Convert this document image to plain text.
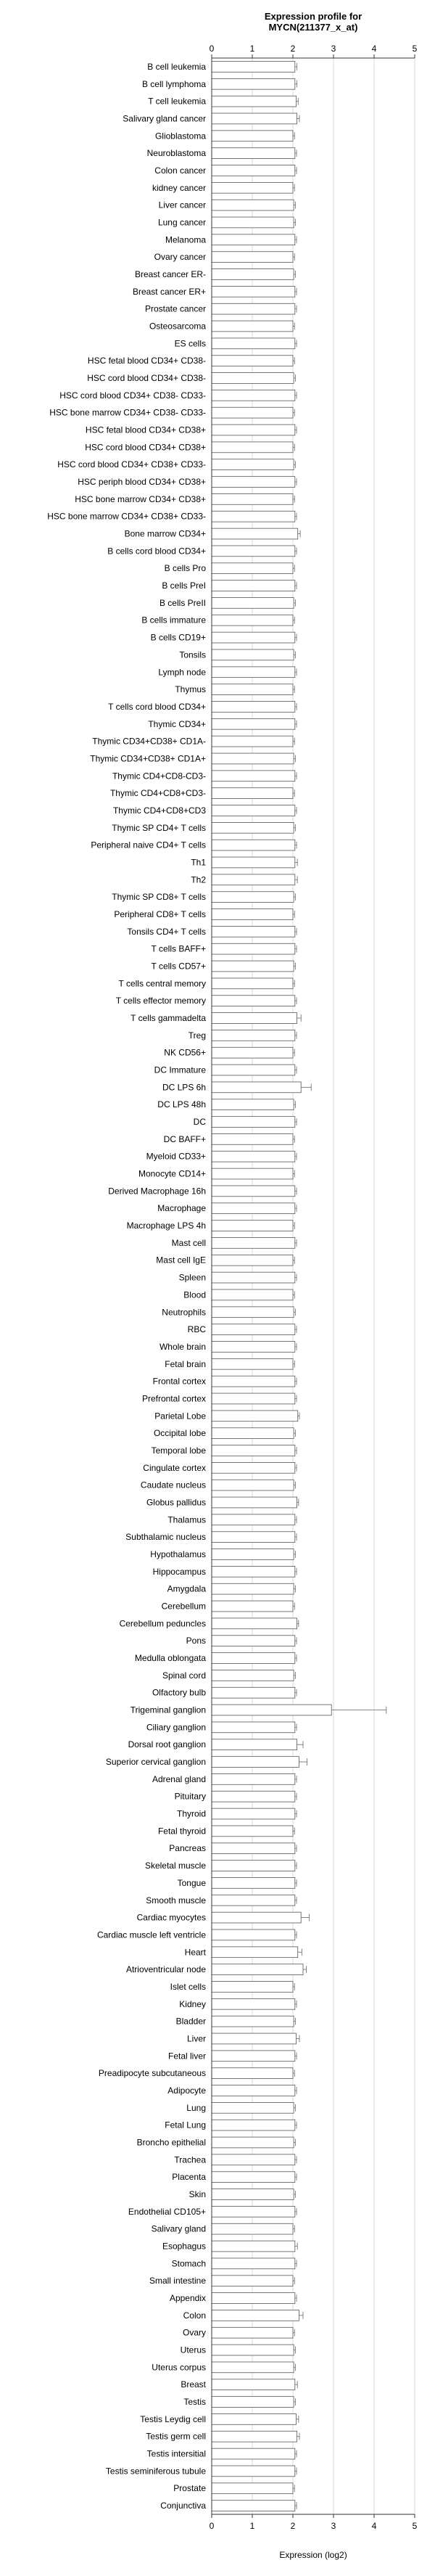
Expression profile for
MYCN(211377_x_at)
B cell leukemia
B cell lymphoma
T cell leukemia
Salivary gland cancer
Glioblastoma
Neuroblastoma
Colon cancer
kidney cancer
Liver cancer
Lung cancer
Melanoma
Ovary cancer
Breast cancer ER-
Breast cancer ER+
Prostate cancer
Osteosarcoma
ES cells
HSC fetal blood CD34+ CD38-
HSC cord blood CD34+ CD38-
HSC cord blood CD34+ CD38- CD33-
HSC bone marrow CD34+ CD38- CD33-
HSC fetal blood CD34+ CD38+
HSC cord blood CD34+ CD38+
HSC cord blood CD34+ CD38+ CD33-
HSC periph blood CD34+ CD38+
HSC bone marrow CD34+ CD38+
HSC bone marrow CD34+ CD38+ CD33-
Bone marrow CD34+
B cells cord blood CD34+
B cells Pro
B cells PreI
B cells PreII
B cells immature
B cells CD19+
Tonsils
Lymph node
Thymus
T cells cord blood CD34+
Thymic CD34+
Thymic CD34+CD38+ CD1A-
Thymic CD34+CD38+ CD1A+
Thymic CD4+CD8-CD3-
Thymic CD4+CD8+CD3-
Thymic CD4+CD8+CD3
Thymic SP CD4+ T cells
Peripheral naive CD4+ T cells
Th1
Th2
Thymic SP CD8+ T cells
Peripheral CD8+ T cells
Tonsils CD4+ T cells
T cells BAFF+
T cells CD57+
T cells central memory
T cells effector memory
T cells gammadelta
Treg
NK CD56+
DC Immature
DC LPS 6h
DC LPS 48h
DC
DC BAFF+
Myeloid CD33+
Monocyte CD14+
Derived Macrophage 16h
Macrophage
Macrophage LPS 4h
Mast cell
Mast cell IgE
Spleen
Blood
Neutrophils
RBC
Whole brain
Fetal brain
Frontal cortex
Prefrontal cortex
Parietal Lobe
Occipital lobe
Temporal lobe
Cingulate cortex
Caudate nucleus
Globus pallidus
Thalamus
Subthalamic nucleus
Hypothalamus
Hippocampus
Amygdala
Cerebellum
Cerebellum peduncles
Pons
Medulla oblongata
Spinal cord
Olfactory bulb
Trigeminal ganglion
Ciliary ganglion
Dorsal root ganglion
Superior cervical ganglion
Adrenal gland
Pituitary
Thyroid
Fetal thyroid
Pancreas
Skeletal muscle
Tongue
Smooth muscle
Cardiac myocytes
Cardiac muscle left ventricle
Heart
Atrioventricular node
Islet cells
Kidney
Bladder
Liver
Fetal liver
Preadipocyte subcutaneous
Adipocyte
Lung
Fetal Lung
Broncho epithelial
Trachea
Placenta
Skin
Endothelial CD105+
Salivary gland
Esophagus
Stomach
Small intestine
Appendix
Colon
Ovary
Uterus
Uterus corpus
Breast
Testis
Testis Leydig cell
Testis germ cell
Testis intersitial
Testis seminiferous tubule
Prostate
Conjunctiva
0
0
1
1
2
2
3
3
4
4
5
5
Expression (log2)
